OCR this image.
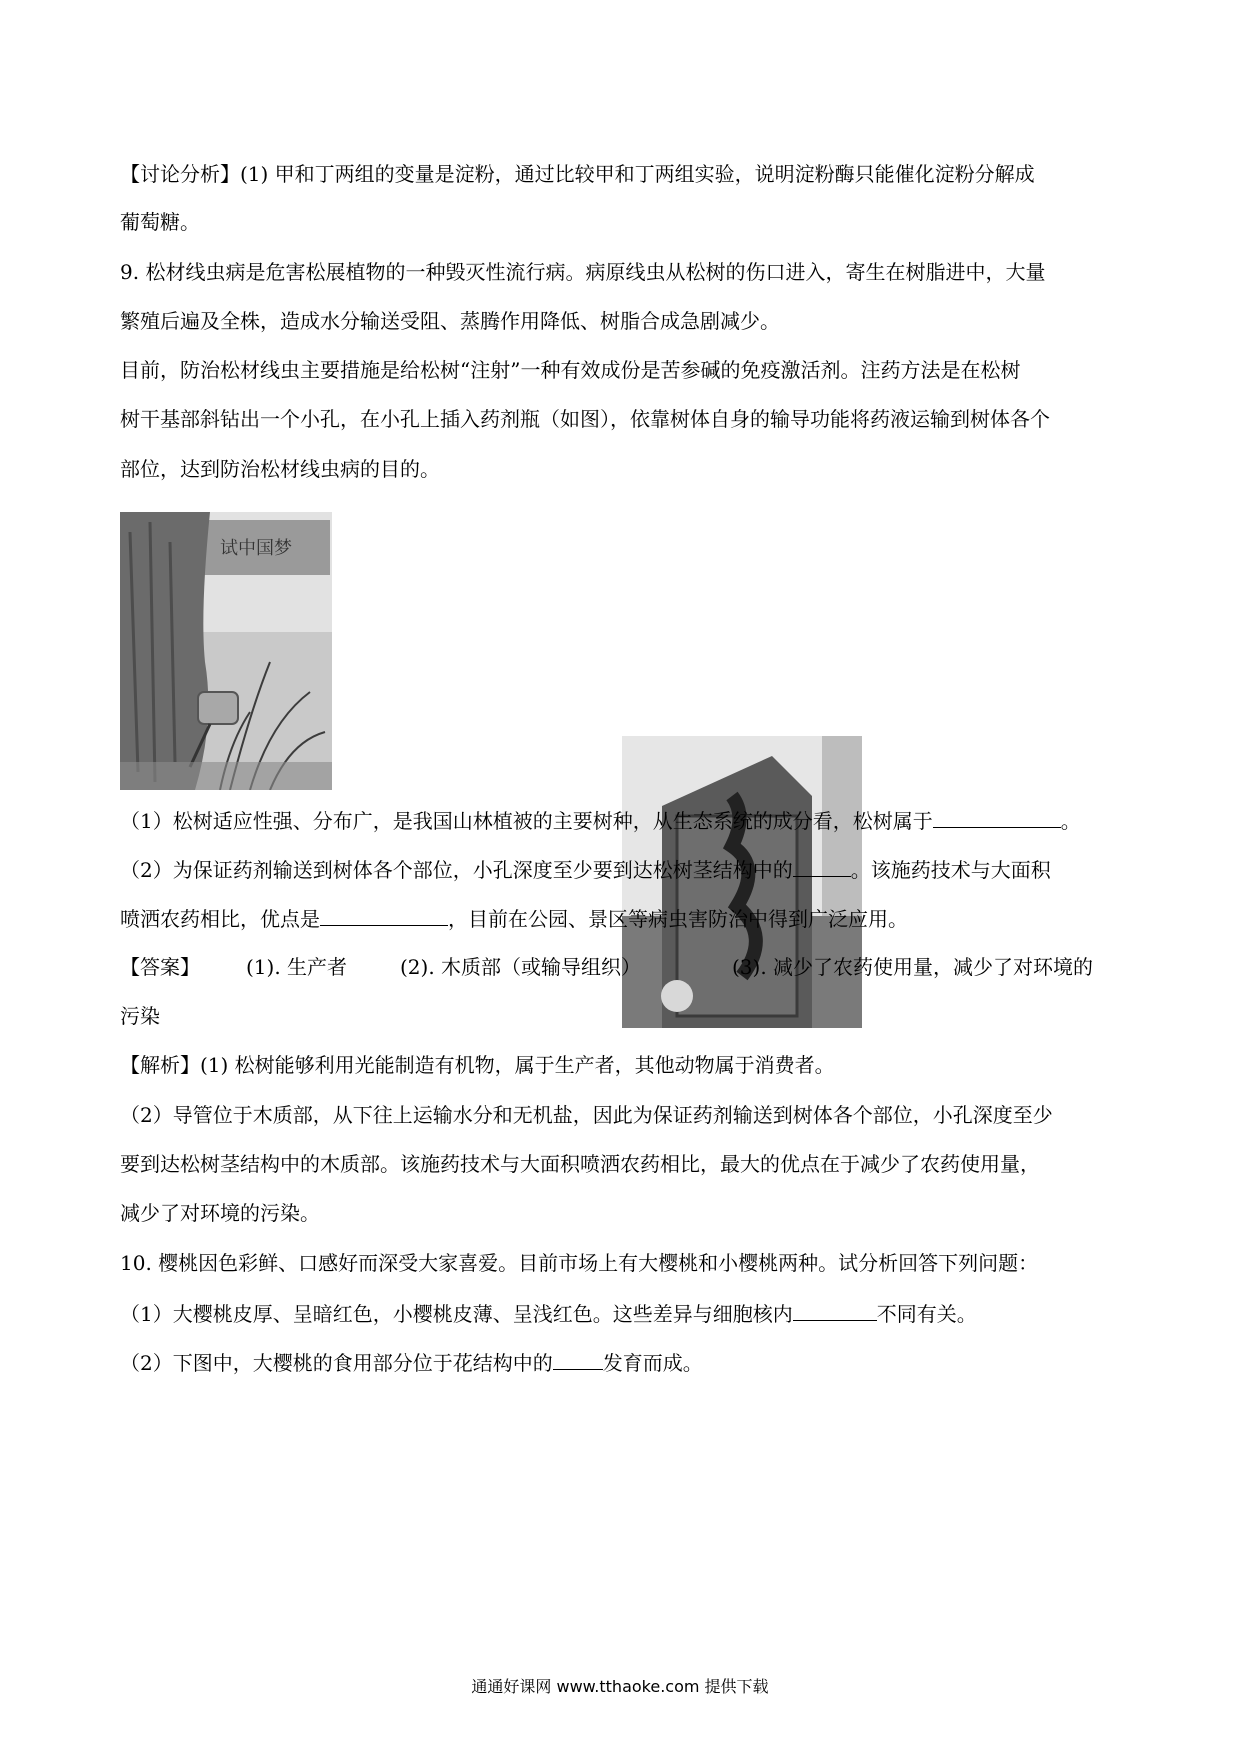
【讨论分析】(1) 甲和丁两组的变量是淀粉，通过比较甲和丁两组实验，说明淀粉酶只能催化淀粉分解成
葡萄糖。
9. 松材线虫病是危害松展植物的一种毁灭性流行病。病原线虫从松树的伤口进入，寄生在树脂进中，大量
繁殖后遍及全株，造成水分输送受阻、蒸腾作用降低、树脂合成急剧减少。
目前，防治松材线虫主要措施是给松树“注射”一种有效成份是苦参碱的免疫激活剂。注药方法是在松树
树干基部斜钻出一个小孔，在小孔上插入药剂瓶（如图），依靠树体自身的输导功能将药液运输到树体各个
部位，达到防治松材线虫病的目的。
试中国梦
（1）松树适应性强、分布广，是我国山林植被的主要树种，从生态系统的成分看，松树属于	。
（2）为保证药剂输送到树体各个部位，小孔深度至少要到达松树茎结构中的	。该施药技术与大面积
喷洒农药相比，优点是	，目前在公园、景区等病虫害防治中得到广泛应用。
【答案】 (1). 生产者	(2). 木质部（或输导组织）	(3). 减少了农药使用量，减少了对环境的
污染
【解析】(1) 松树能够利用光能制造有机物，属于生产者，其他动物属于消费者。
（2）导管位于木质部，从下往上运输水分和无机盐，因此为保证药剂输送到树体各个部位，小孔深度至少
要到达松树茎结构中的木质部。该施药技术与大面积喷洒农药相比，最大的优点在于减少了农药使用量，
减少了对环境的污染。
10. 樱桃因色彩鲜、口感好而深受大家喜爱。目前市场上有大樱桃和小樱桃两种。试分析回答下列问题：
（1）大樱桃皮厚、呈暗红色，小樱桃皮薄、呈浅红色。这些差异与细胞核内	不同有关。
（2）下图中，大樱桃的食用部分位于花结构中的	发育而成。
通通好课网 www.tthaoke.com 提供下载
